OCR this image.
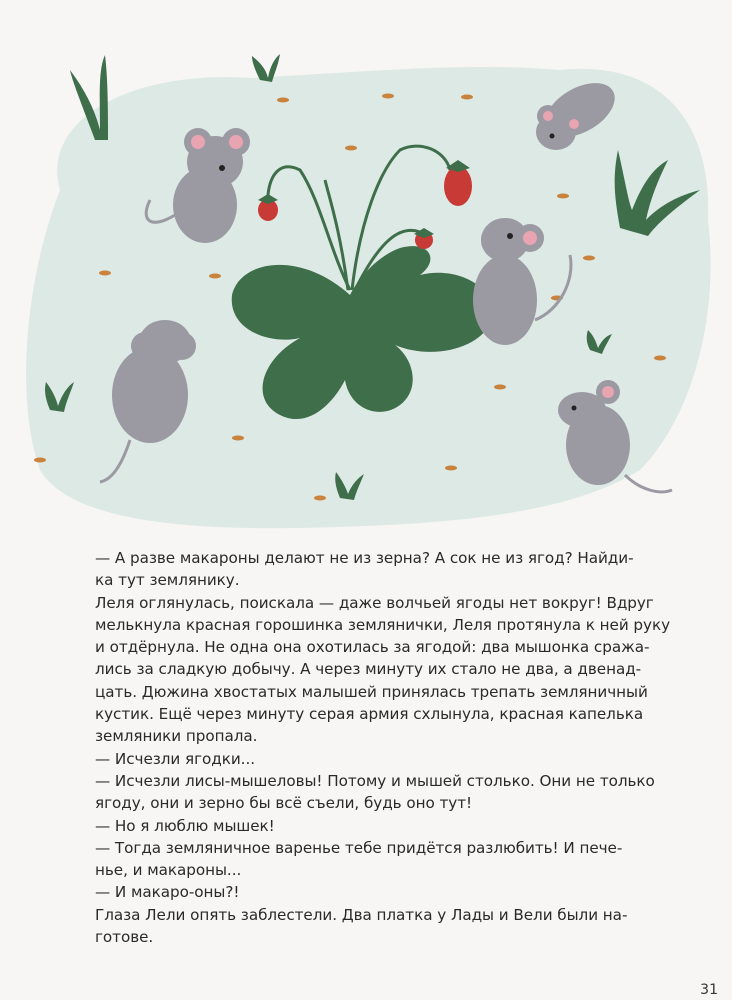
— А разве макароны делают не из зерна? А сок не из ягод? Найди-

ка тут землянику.

Леля оглянулась, поискала — даже волчьей ягоды нет вокруг! Вдруг

мелькнула красная горошинка землянички, Леля протянула к ней руку

и отдёрнула. Не одна она охотилась за ягодой: два мышонка сража-

лись за сладкую добычу. А через минуту их стало не два, а двенад-

цать. Дюжина хвостатых малышей принялась трепать земляничный

кустик. Ещё через минуту серая армия схлынула, красная капелька

земляники пропала.

— Исчезли ягодки...

— Исчезли лисы-мышеловы! Потому и мышей столько. Они не только

ягоду, они и зерно бы всё съели, будь оно тут!

— Но я люблю мышек!

— Тогда земляничное варенье тебе придётся разлюбить! И пече-

нье, и макароны...

— И макаро-оны?!

Глаза Лели опять заблестели. Два платка у Лады и Вели были на-

готове.

31
